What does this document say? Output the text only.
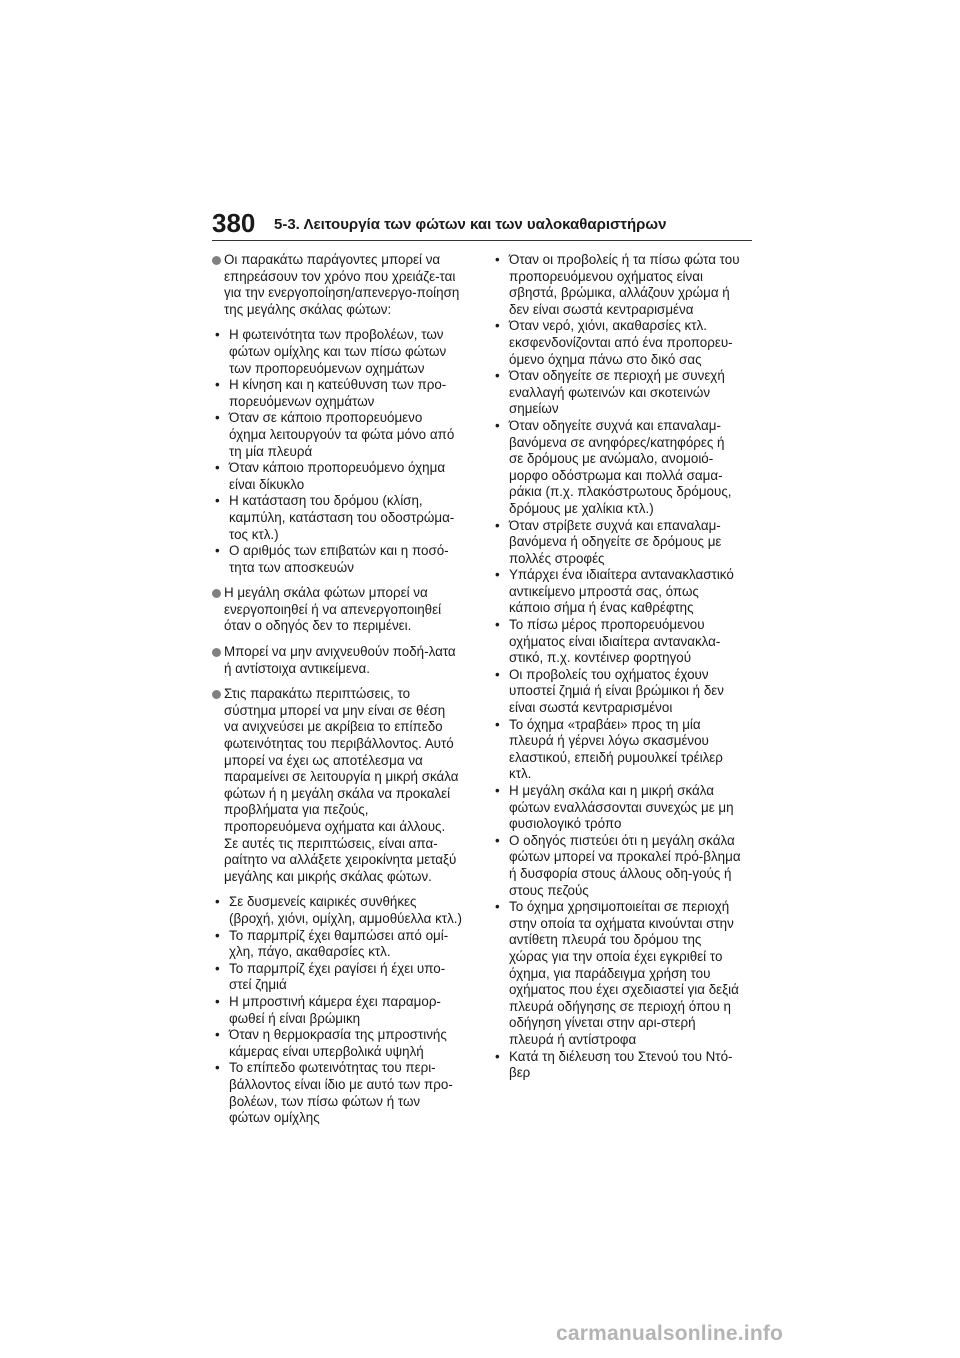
380 5-3. Λειτουργία των φώτων και των υαλοκαθαριστήρων
Οι παρακάτω παράγοντες μπορεί να επηρεάσουν τον χρόνο που χρειάζε-ται για την ενεργοποίηση/απενεργο-ποίηση της μεγάλης σκάλας φώτων:
• Η φωτεινότητα των προβολέων, των φώτων ομίχλης και των πίσω φώτων των προπορευόμενων οχημάτων
• Η κίνηση και η κατεύθυνση των προ-πορευόμενων οχημάτων
• Όταν σε κάποιο προπορευόμενο όχημα λειτουργούν τα φώτα μόνο από τη μία πλευρά
• Όταν κάποιο προπορευόμενο όχημα είναι δίκυκλο
• Η κατάσταση του δρόμου (κλίση, καμπύλη, κατάσταση του οδοστρώμα-τος κτλ.)
• Ο αριθμός των επιβατών και η ποσό-τητα των αποσκευών
Η μεγάλη σκάλα φώτων μπορεί να ενεργοποιηθεί ή να απενεργοποιηθεί όταν ο οδηγός δεν το περιμένει.
Μπορεί να μην ανιχνευθούν ποδή-λατα ή αντίστοιχα αντικείμενα.
Στις παρακάτω περιπτώσεις, το σύστημα μπορεί να μην είναι σε θέση να ανιχνεύσει με ακρίβεια το επίπεδο φωτεινότητας του περιβάλλοντος. Αυτό μπορεί να έχει ως αποτέλεσμα να παραμείνει σε λειτουργία η μικρή σκάλα φώτων ή η μεγάλη σκάλα να προκαλεί προβλήματα για πεζούς, προπορευόμενα οχήματα και άλλους. Σε αυτές τις περιπτώσεις, είναι απα-ραίτητο να αλλάξετε χειροκίνητα μεταξύ μεγάλης και μικρής σκάλας φώτων.
• Σε δυσμενείς καιρικές συνθήκες (βροχή, χιόνι, ομίχλη, αμμοθύελλα κτλ.)
• Το παρμπρίζ έχει θαμπώσει από ομί-χλη, πάγο, ακαθαρσίες κτλ.
• Το παρμπρίζ έχει ραγίσει ή έχει υπο-στεί ζημιά
• Η μπροστινή κάμερα έχει παραμορ-φωθεί ή είναι βρώμικη
• Όταν η θερμοκρασία της μπροστινής κάμερας είναι υπερβολικά υψηλή
• Το επίπεδο φωτεινότητας του περι-βάλλοντος είναι ίδιο με αυτό των προ-βολέων, των πίσω φώτων ή των φώτων ομίχλης
• Όταν οι προβολείς ή τα πίσω φώτα του προπορευόμενου οχήματος είναι σβηστά, βρώμικα, αλλάζουν χρώμα ή δεν είναι σωστά κεντραρισμένα
• Όταν νερό, χιόνι, ακαθαρσίες κτλ. εκσφενδονίζονται από ένα προπορευ-όμενο όχημα πάνω στο δικό σας
• Όταν οδηγείτε σε περιοχή με συνεχή εναλλαγή φωτεινών και σκοτεινών σημείων
• Όταν οδηγείτε συχνά και επαναλαμ-βανόμενα σε ανηφόρες/κατηφόρες ή σε δρόμους με ανώμαλο, ανομοιό-μορφο οδόστρωμα και πολλά σαμα-ράκια (π.χ. πλακόστρωτους δρόμους, δρόμους με χαλίκια κτλ.)
• Όταν στρίβετε συχνά και επαναλαμ-βανόμενα ή οδηγείτε σε δρόμους με πολλές στροφές
• Υπάρχει ένα ιδιαίτερα αντανακλαστικό αντικείμενο μπροστά σας, όπως κάποιο σήμα ή ένας καθρέφτης
• Το πίσω μέρος προπορευόμενου οχήματος είναι ιδιαίτερα αντανακλα-στικό, π.χ. κοντέινερ φορτηγού
• Οι προβολείς του οχήματος έχουν υποστεί ζημιά ή είναι βρώμικοι ή δεν είναι σωστά κεντραρισμένοι
• Το όχημα «τραβάει» προς τη μία πλευρά ή γέρνει λόγω σκασμένου ελαστικού, επειδή ρυμουλκεί τρέιλερ κτλ.
• Η μεγάλη σκάλα και η μικρή σκάλα φώτων εναλλάσσονται συνεχώς με μη φυσιολογικό τρόπο
• Ο οδηγός πιστεύει ότι η μεγάλη σκάλα φώτων μπορεί να προκαλεί πρό-βλημα ή δυσφορία στους άλλους οδη-γούς ή στους πεζούς
• Το όχημα χρησιμοποιείται σε περιοχή στην οποία τα οχήματα κινούνται στην αντίθετη πλευρά του δρόμου της χώρας για την οποία έχει εγκριθεί το όχημα, για παράδειγμα χρήση του οχήματος που έχει σχεδιαστεί για δεξιά πλευρά οδήγησης σε περιοχή όπου η οδήγηση γίνεται στην αρι-στερή πλευρά ή αντίστροφα
• Κατά τη διέλευση του Στενού του Ντό-βερ
carmanualsonline.info
